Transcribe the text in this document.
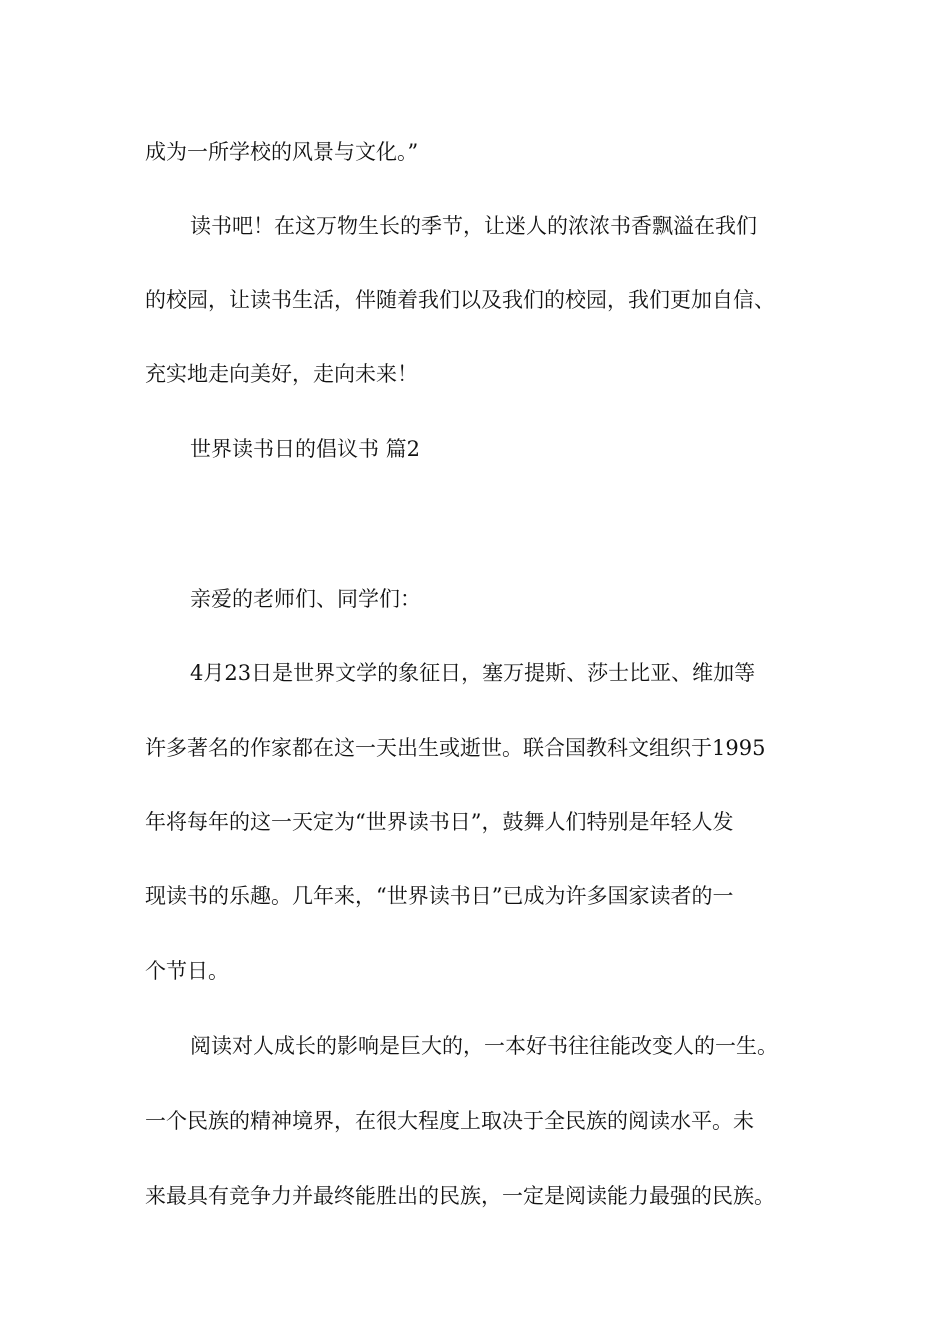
成为一所学校的风景与文化。”
读书吧！在这万物生长的季节，让迷人的浓浓书香飘溢在我们
的校园，让读书生活，伴随着我们以及我们的校园，我们更加自信、
充实地走向美好，走向未来！
世界读书日的倡议书 篇2
亲爱的老师们、同学们：
4月23日是世界文学的象征日，塞万提斯、莎士比亚、维加等
许多著名的作家都在这一天出生或逝世。联合国教科文组织于1995
年将每年的这一天定为“世界读书日”，鼓舞人们特别是年轻人发
现读书的乐趣。几年来，“世界读书日”已成为许多国家读者的一
个节日。
阅读对人成长的影响是巨大的，一本好书往往能改变人的一生。
一个民族的精神境界，在很大程度上取决于全民族的阅读水平。未
来最具有竞争力并最终能胜出的民族，一定是阅读能力最强的民族。
